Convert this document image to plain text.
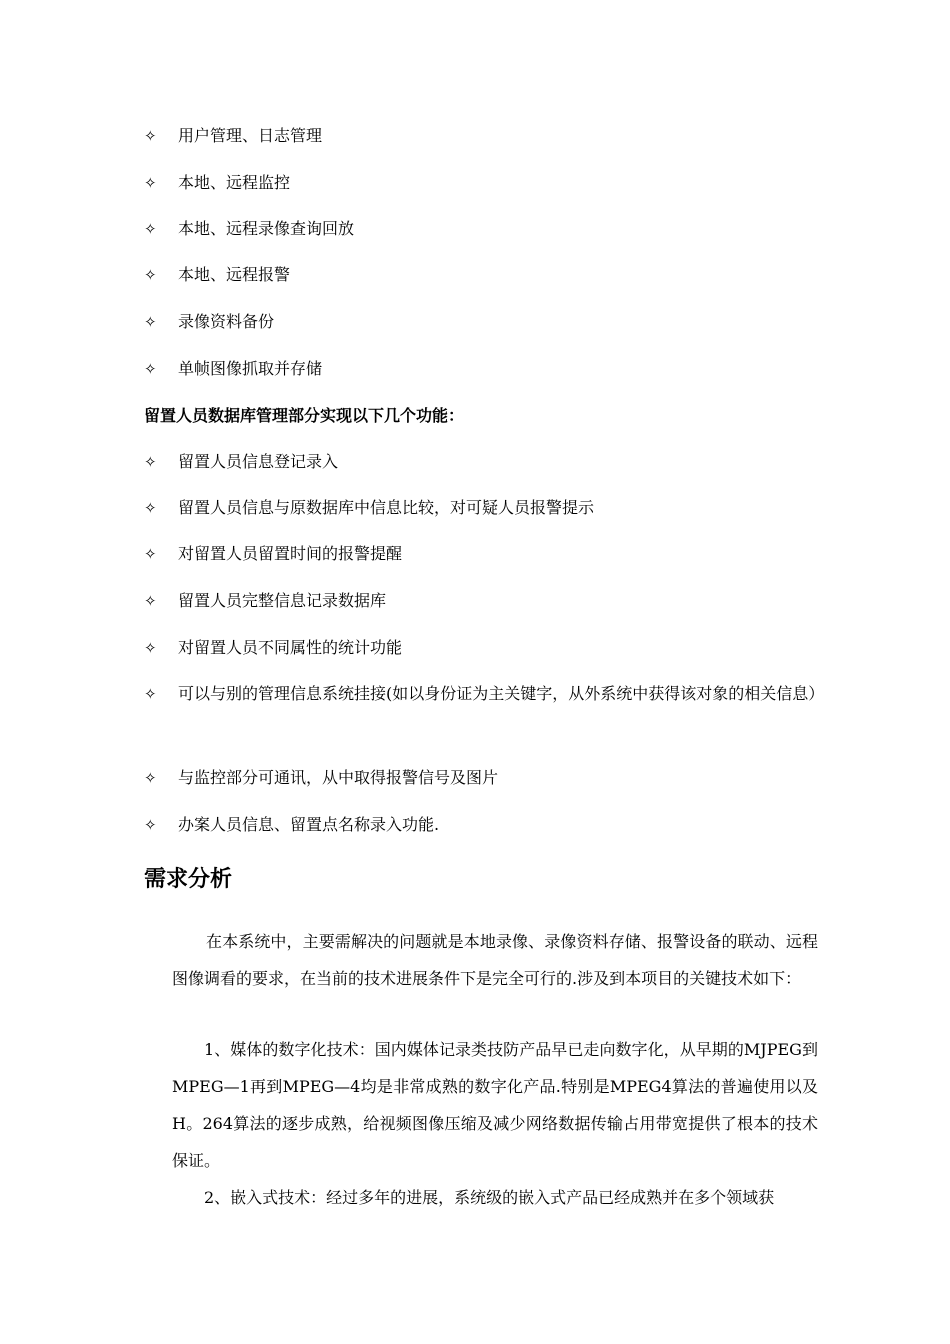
✧ 用户管理、日志管理
✧ 本地、远程监控
✧ 本地、远程录像查询回放
✧ 本地、远程报警
✧ 录像资料备份
✧ 单帧图像抓取并存储
留置人员数据库管理部分实现以下几个功能：
✧ 留置人员信息登记录入
✧ 留置人员信息与原数据库中信息比较，对可疑人员报警提示
✧ 对留置人员留置时间的报警提醒
✧ 留置人员完整信息记录数据库
✧ 对留置人员不同属性的统计功能
✧ 可以与别的管理信息系统挂接(如以身份证为主关键字，从外系统中获得该对象的相关信息）
✧ 与监控部分可通讯，从中取得报警信号及图片
✧ 办案人员信息、留置点名称录入功能.
需求分析
在本系统中，主要需解决的问题就是本地录像、录像资料存储、报警设备的联动、远程图像调看的要求，在当前的技术进展条件下是完全可行的.涉及到本项目的关键技术如下：
1、媒体的数字化技术：国内媒体记录类技防产品早已走向数字化，从早期的MJPEG到MPEG—1再到MPEG—4均是非常成熟的数字化产品.特别是MPEG4算法的普遍使用以及H。264算法的逐步成熟，给视频图像压缩及减少网络数据传输占用带宽提供了根本的技术保证。
2、嵌入式技术：经过多年的进展，系统级的嵌入式产品已经成熟并在多个领域获
